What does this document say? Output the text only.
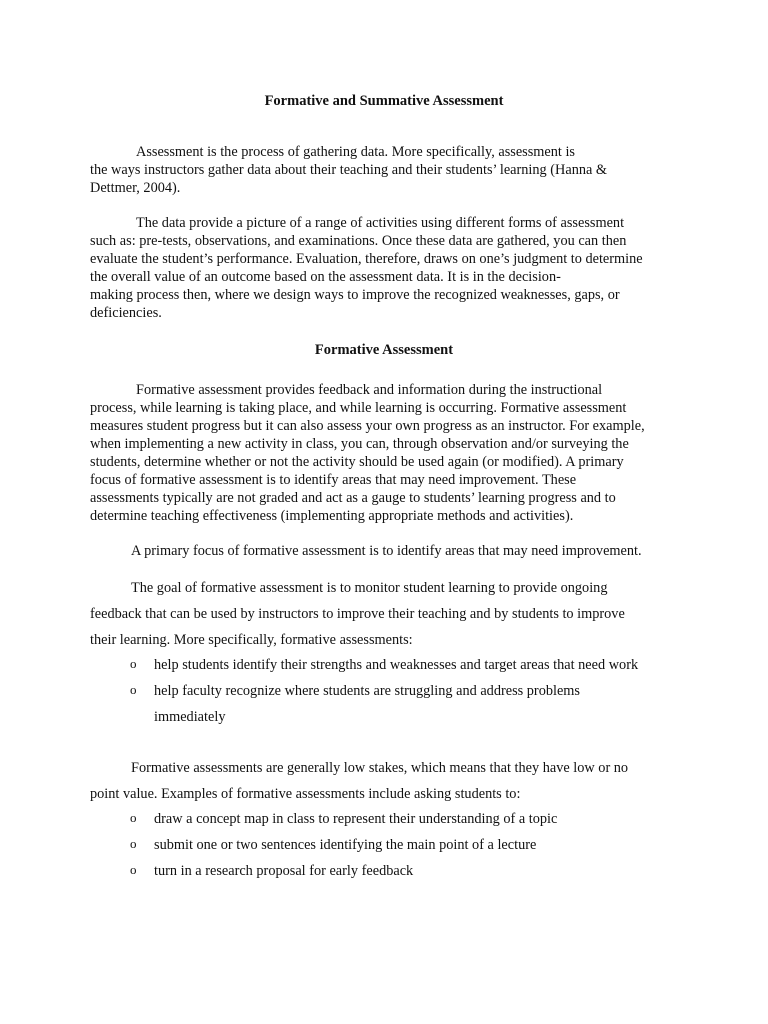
Formative and Summative Assessment
Assessment is the process of gathering data. More specifically, assessment is
the ways instructors gather data about their teaching and their students’ learning (Hanna &
Dettmer, 2004).
The data provide a picture of a range of activities using different forms of assessment
such as: pre-tests, observations, and examinations. Once these data are gathered, you can then
evaluate the student’s performance. Evaluation, therefore, draws on one’s judgment to determine
the overall value of an outcome based on the assessment data. It is in the decision-
making process then, where we design ways to improve the recognized weaknesses, gaps, or
deficiencies.
Formative Assessment
Formative assessment provides feedback and information during the instructional
process, while learning is taking place, and while learning is occurring. Formative assessment
measures student progress but it can also assess your own progress as an instructor. For example,
when implementing a new activity in class, you can, through observation and/or surveying the
students, determine whether or not the activity should be used again (or modified). A primary
focus of formative assessment is to identify areas that may need improvement. These
assessments typically are not graded and act as a gauge to students’ learning progress and to
determine teaching effectiveness (implementing appropriate methods and activities).
A primary focus of formative assessment is to identify areas that may need improvement.
The goal of formative assessment is to monitor student learning to provide ongoing
feedback that can be used by instructors to improve their teaching and by students to improve
their learning. More specifically, formative assessments:
o help students identify their strengths and weaknesses and target areas that need work
o help faculty recognize where students are struggling and address problems
immediately
Formative assessments are generally low stakes, which means that they have low or no
point value. Examples of formative assessments include asking students to:
o draw a concept map in class to represent their understanding of a topic
o submit one or two sentences identifying the main point of a lecture
o turn in a research proposal for early feedback
